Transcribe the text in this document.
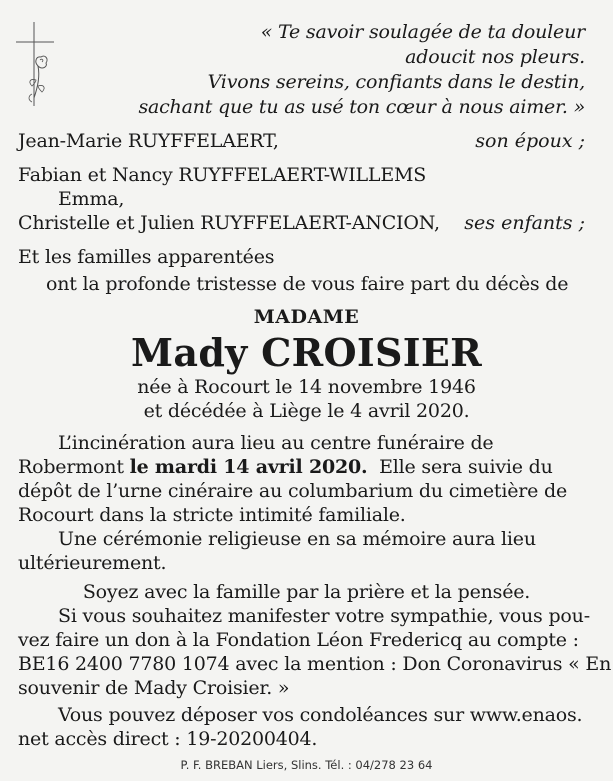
« Te savoir soulagée de ta douleur
adoucit nos pleurs.
Vivons sereins, confiants dans le destin,
sachant que tu as usé ton cœur à nous aimer. »
Jean-Marie RUYFFELAERT,	son époux ;
Fabian et Nancy RUYFFELAERT-WILLEMS
Emma,
Christelle et Julien RUYFFELAERT-ANCION, ses enfants ;
Et les familles apparentées
ont la profonde tristesse de vous faire part du décès de
MADAME
Mady CROISIER
née à Rocourt le 14 novembre 1946
et décédée à Liège le 4 avril 2020.
L’incinération aura lieu au centre funéraire de
Robermont le mardi 14 avril 2020.  Elle sera suivie du
dépôt de l’urne cinéraire au columbarium du cimetière de
Rocourt dans la stricte intimité familiale.
Une cérémonie religieuse en sa mémoire aura lieu
ultérieurement.
Soyez avec la famille par la prière et la pensée.
Si vous souhaitez manifester votre sympathie, vous pou-
vez faire un don à la Fondation Léon Fredericq au compte :
BE16 2400 7780 1074 avec la mention : Don Coronavirus « En
souvenir de Mady Croisier. »
Vous pouvez déposer vos condoléances sur www.enaos.
net accès direct : 19-20200404.
P. F. BREBAN Liers, Slins. Tél. : 04/278 23 64
